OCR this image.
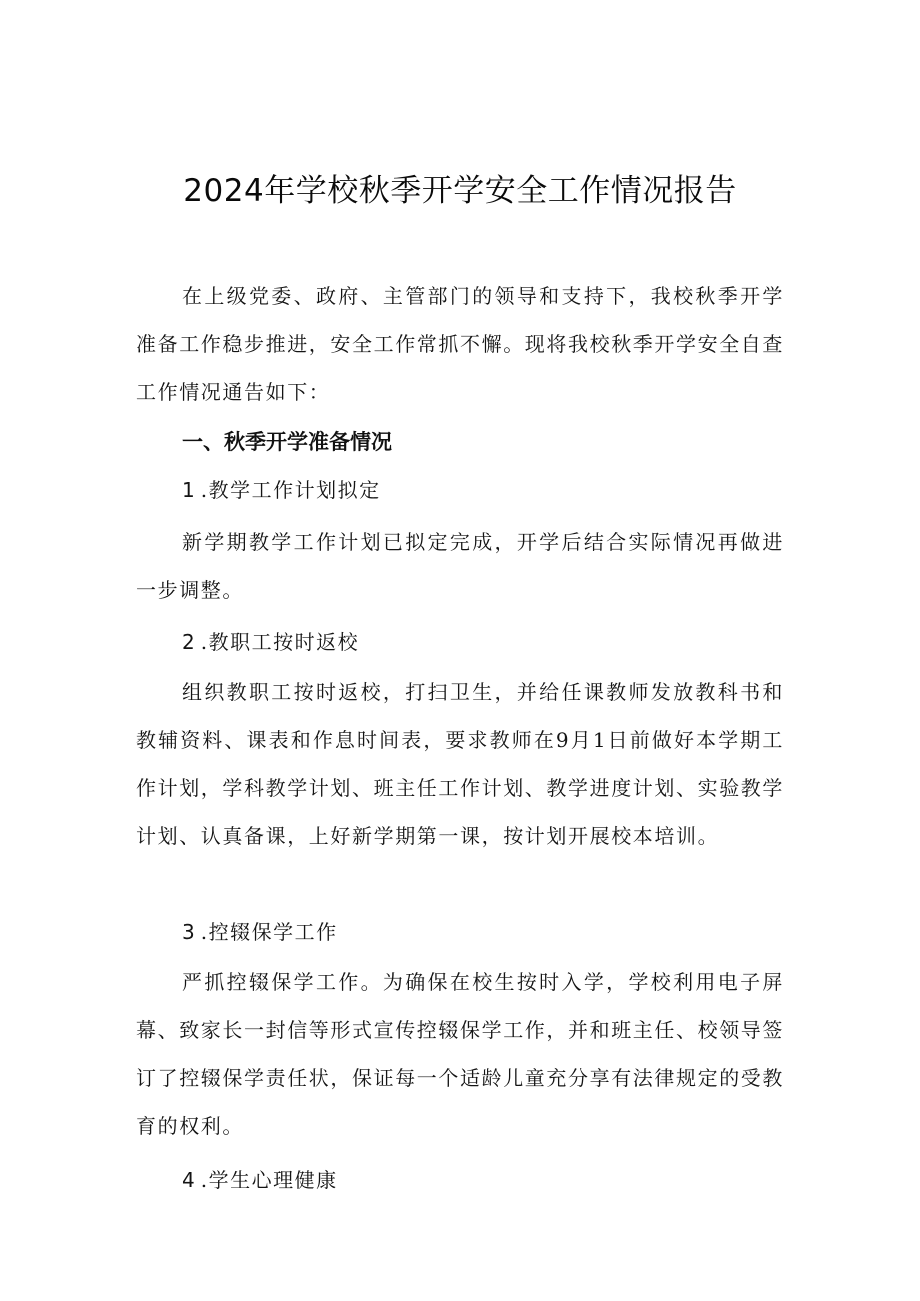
2024年学校秋季开学安全工作情况报告

在上级党委、政府、主管部门的领导和支持下，我校秋季开学准备工作稳步推进，安全工作常抓不懈。现将我校秋季开学安全自查工作情况通告如下：

一、秋季开学准备情况

1 .教学工作计划拟定

新学期教学工作计划已拟定完成，开学后结合实际情况再做进一步调整。

2 .教职工按时返校

组织教职工按时返校，打扫卫生，并给任课教师发放教科书和教辅资料、课表和作息时间表，要求教师在9月1日前做好本学期工作计划，学科教学计划、班主任工作计划、教学进度计划、实验教学计划、认真备课，上好新学期第一课，按计划开展校本培训。

3 .控辍保学工作

严抓控辍保学工作。为确保在校生按时入学，学校利用电子屏幕、致家长一封信等形式宣传控辍保学工作，并和班主任、校领导签订了控辍保学责任状，保证每一个适龄儿童充分享有法律规定的受教育的权利。

4 .学生心理健康
